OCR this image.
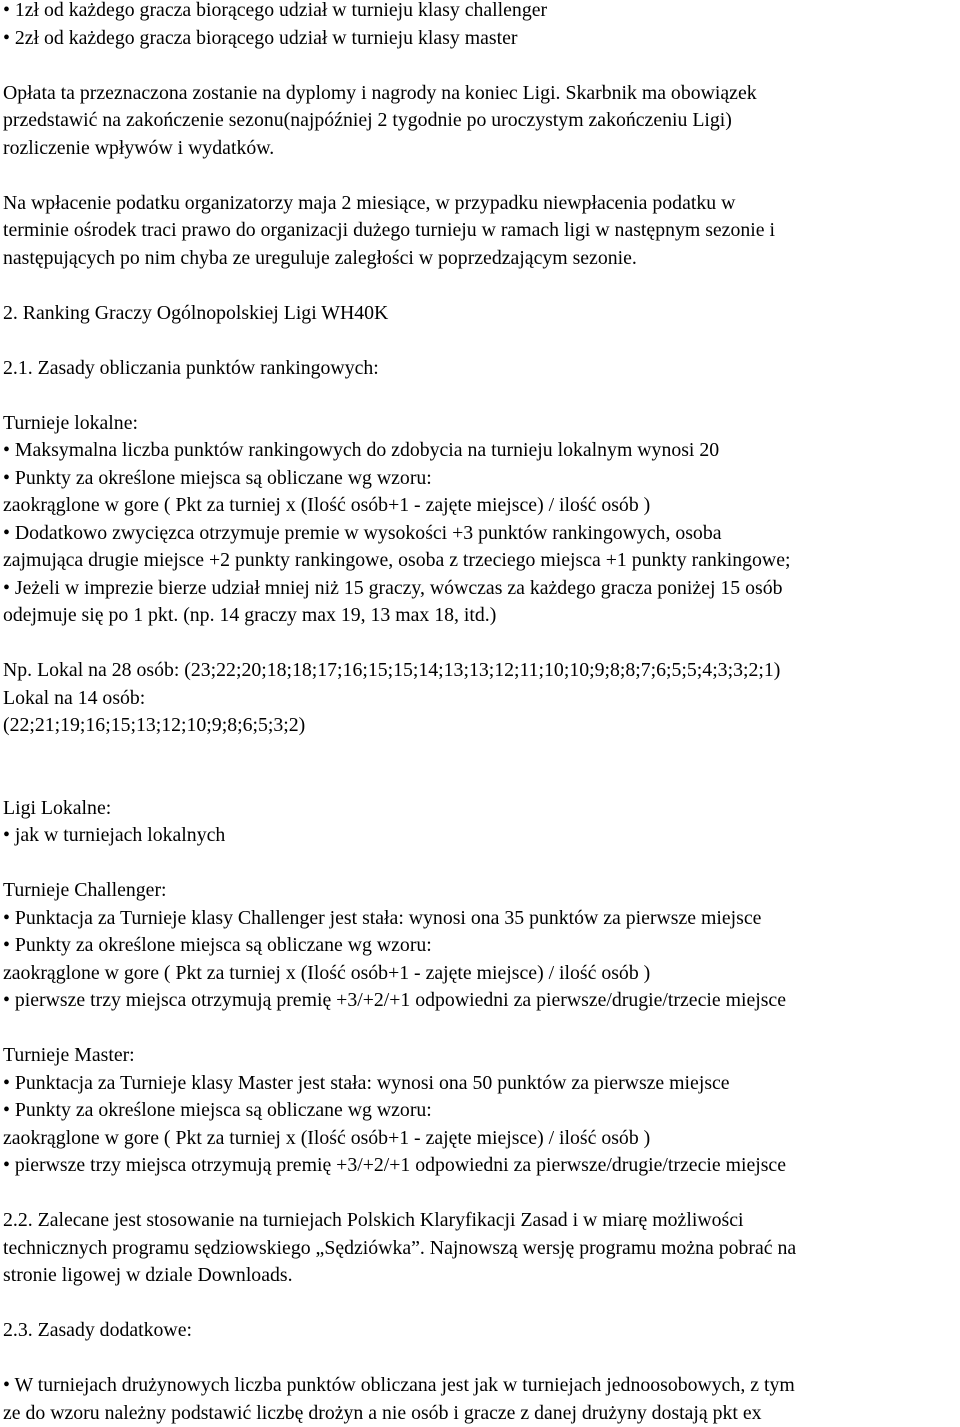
• 1zł od każdego gracza biorącego udział w turnieju klasy challenger
• 2zł od każdego gracza biorącego udział w turnieju klasy master
Opłata ta przeznaczona zostanie na dyplomy i nagrody na koniec Ligi. Skarbnik ma obowiązek
przedstawić na zakończenie sezonu(najpóźniej 2 tygodnie po uroczystym zakończeniu Ligi)
rozliczenie wpływów i wydatków.
Na wpłacenie podatku organizatorzy maja 2 miesiące, w przypadku niewpłacenia podatku w
terminie ośrodek traci prawo do organizacji dużego turnieju w ramach ligi w następnym sezonie i
następujących po nim chyba ze ureguluje zaległości w poprzedzającym sezonie.
2. Ranking Graczy Ogólnopolskiej Ligi WH40K
2.1. Zasady obliczania punktów rankingowych:
Turnieje lokalne:
• Maksymalna liczba punktów rankingowych do zdobycia na turnieju lokalnym wynosi 20
• Punkty za określone miejsca są obliczane wg wzoru:
zaokrąglone w gore ( Pkt za turniej x (Ilość osób+1 - zajęte miejsce) / ilość osób )
• Dodatkowo zwycięzca otrzymuje premie w wysokości +3 punktów rankingowych, osoba
zajmująca drugie miejsce +2 punkty rankingowe, osoba z trzeciego miejsca +1 punkty rankingowe;
• Jeżeli w imprezie bierze udział mniej niż 15 graczy, wówczas za każdego gracza poniżej 15 osób
odejmuje się po 1 pkt. (np. 14 graczy max 19, 13 max 18, itd.)
Np. Lokal na 28 osób: (23;22;20;18;18;17;16;15;15;14;13;13;12;11;10;10;9;8;8;7;6;5;5;4;3;3;2;1)
Lokal na 14 osób:
(22;21;19;16;15;13;12;10;9;8;6;5;3;2)
Ligi Lokalne:
• jak w turniejach lokalnych
Turnieje Challenger:
• Punktacja za Turnieje klasy Challenger jest stała: wynosi ona 35 punktów za pierwsze miejsce
• Punkty za określone miejsca są obliczane wg wzoru:
zaokrąglone w gore ( Pkt za turniej x (Ilość osób+1 - zajęte miejsce) / ilość osób )
• pierwsze trzy miejsca otrzymują premię +3/+2/+1 odpowiedni za pierwsze/drugie/trzecie miejsce
Turnieje Master:
• Punktacja za Turnieje klasy Master jest stała: wynosi ona 50 punktów za pierwsze miejsce
• Punkty za określone miejsca są obliczane wg wzoru:
zaokrąglone w gore ( Pkt za turniej x (Ilość osób+1 - zajęte miejsce) / ilość osób )
• pierwsze trzy miejsca otrzymują premię +3/+2/+1 odpowiedni za pierwsze/drugie/trzecie miejsce
2.2. Zalecane jest stosowanie na turniejach Polskich Klaryfikacji Zasad i w miarę możliwości
technicznych programu sędziowskiego „Sędziówka”. Najnowszą wersję programu można pobrać na
stronie ligowej w dziale Downloads.
2.3. Zasady dodatkowe:
• W turniejach drużynowych liczba punktów obliczana jest jak w turniejach jednoosobowych, z tym
ze do wzoru należny podstawić liczbę drożyn a nie osób i gracze z danej drużyny dostają pkt ex
